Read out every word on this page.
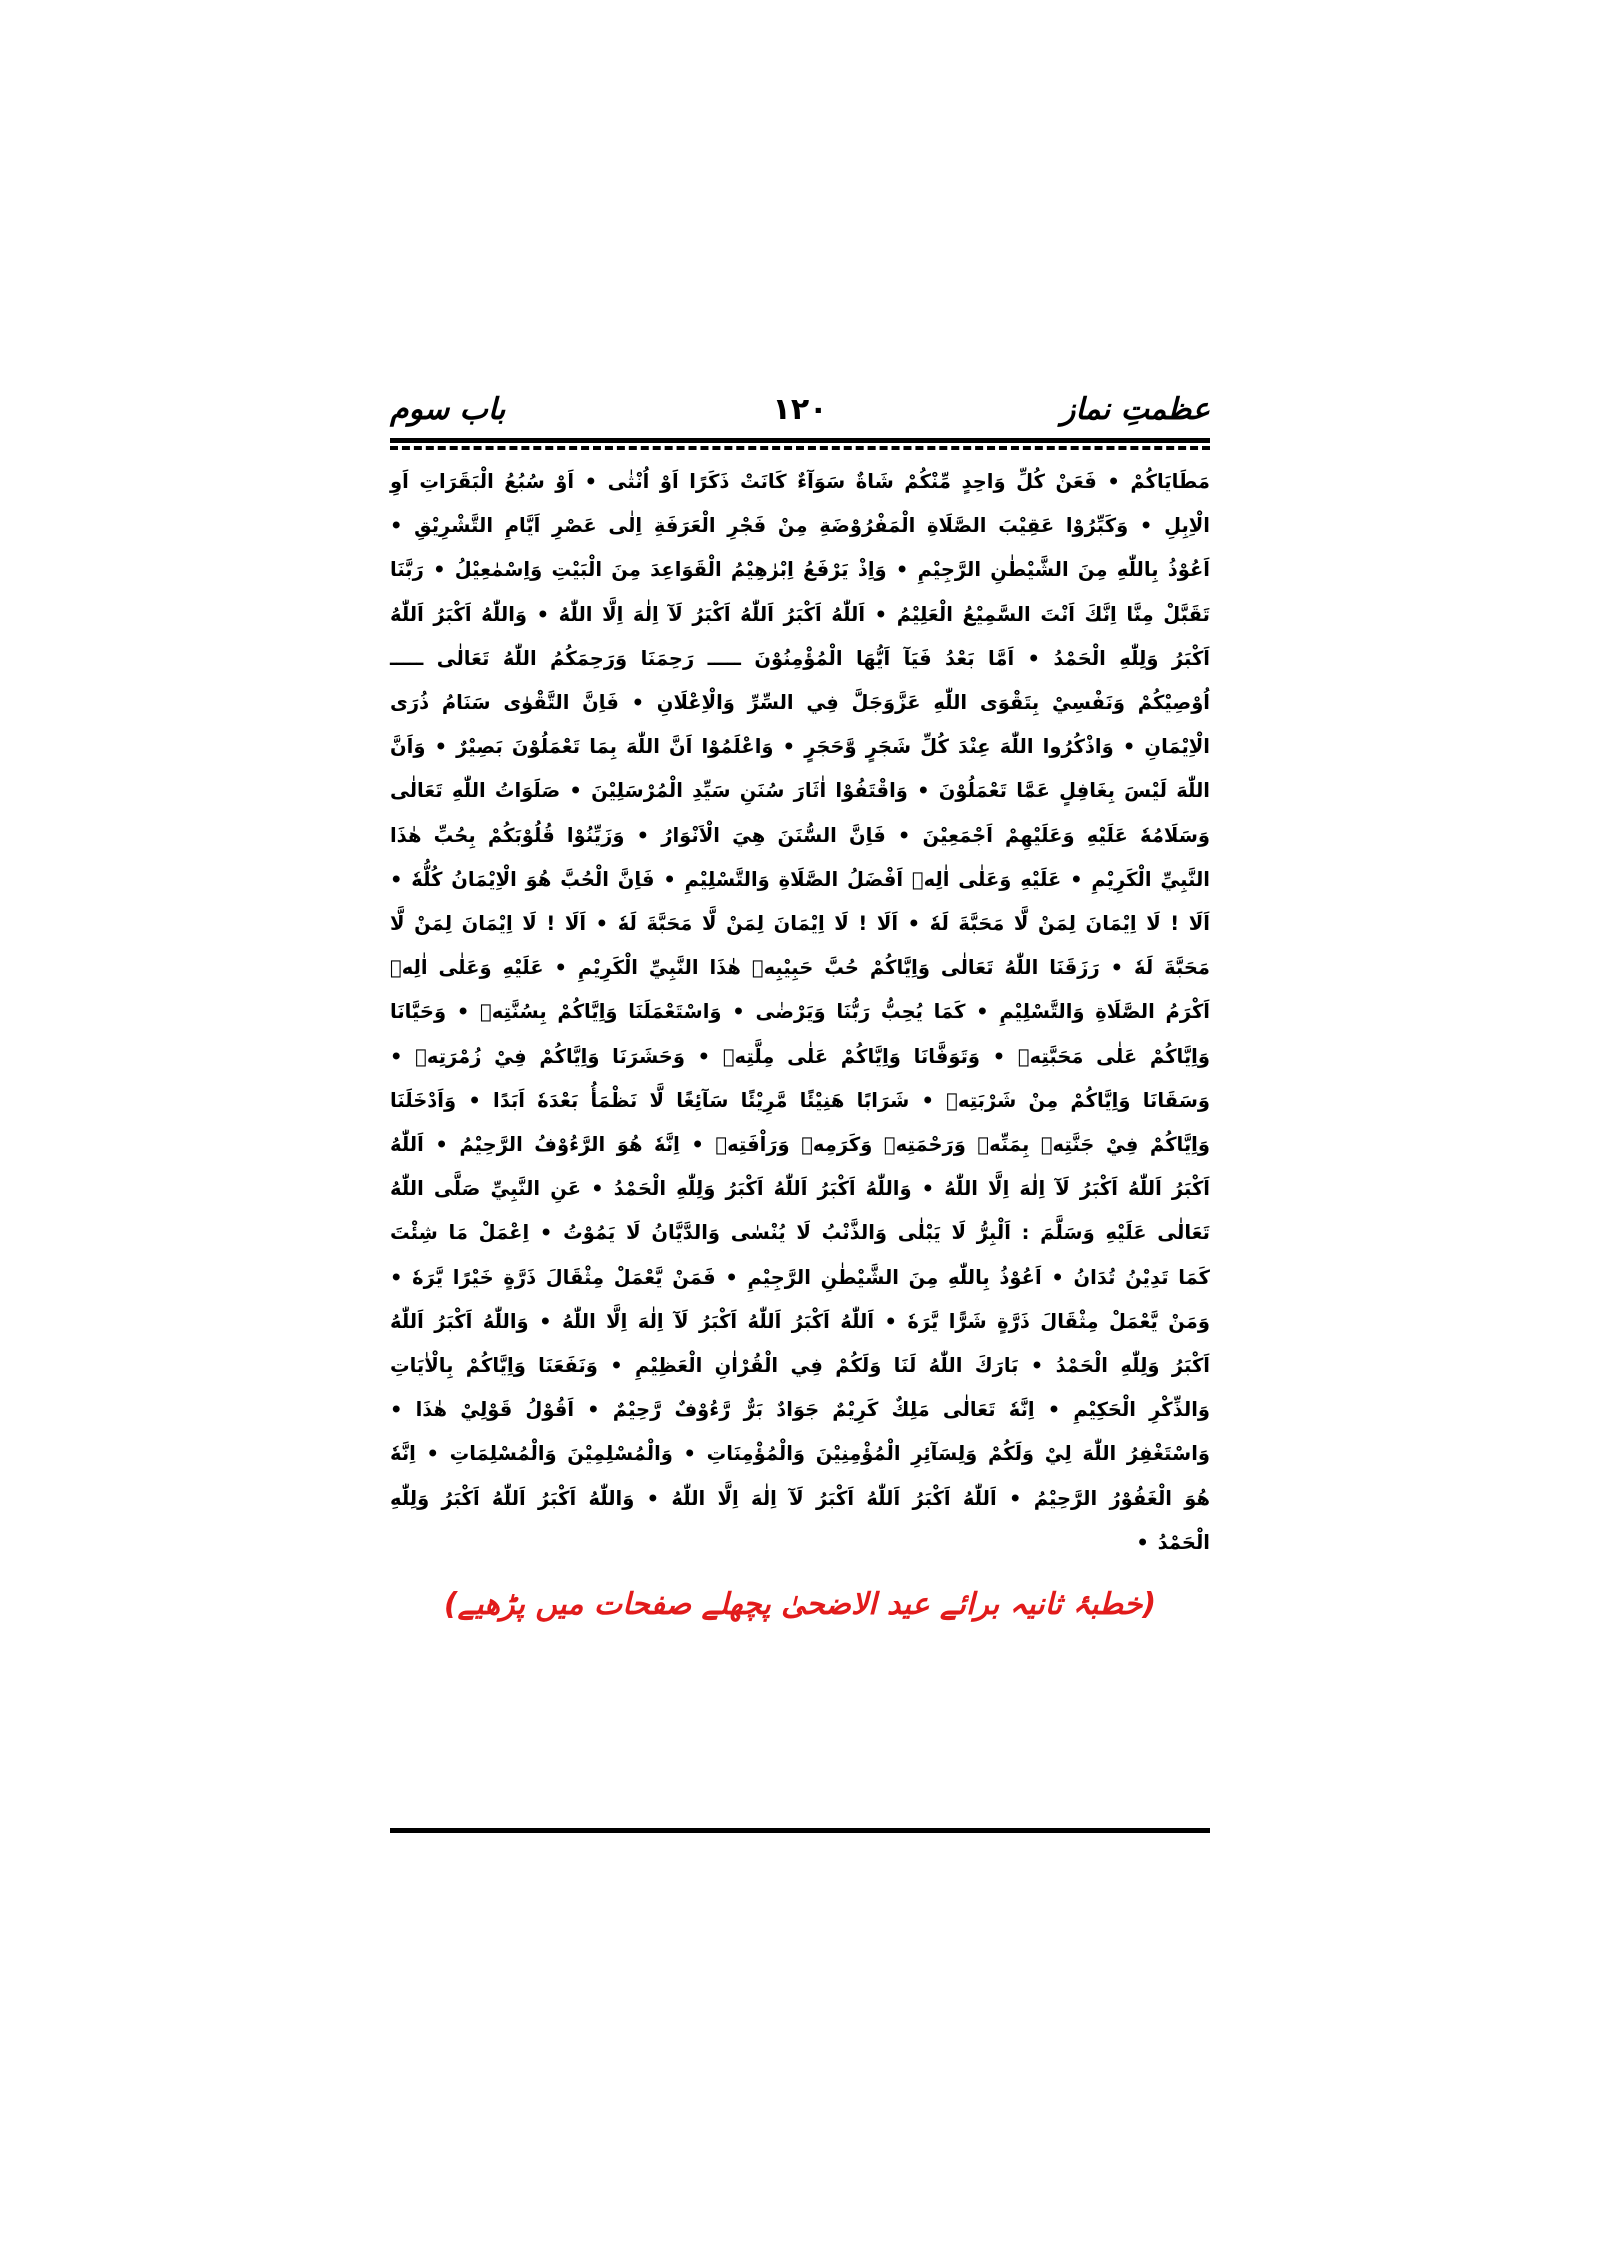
عظمتِ نماز
۱۲۰
باب سوم

مَطَايَاكُمْ • فَعَنْ كُلِّ وَاحِدٍ مِّنْكُمْ شَاةٌ سَوَآءٌ كَانَتْ ذَكَرًا اَوْ اُنْثٰى • اَوْ سُبُعُ الْبَقَرَاتِ اَوِ الْاِبِلِ • وَكَبِّرُوْا عَقِيْبَ الصَّلَاةِ الْمَفْرُوْضَةِ مِنْ فَجْرِ الْعَرَفَةِ اِلٰى عَصْرِ اَيَّامِ التَّشْرِيْقِ • اَعُوْذُ بِاللّٰهِ مِنَ الشَّيْطٰنِ الرَّجِيْمِ • وَاِذْ يَرْفَعُ اِبْرٰهِيْمُ الْقَوَاعِدَ مِنَ الْبَيْتِ وَاِسْمٰعِيْلُ • رَبَّنَا تَقَبَّلْ مِنَّا اِنَّكَ اَنْتَ السَّمِيْعُ الْعَلِيْمُ • اَللّٰهُ اَكْبَرُ اَللّٰهُ اَكْبَرُ لَآ اِلٰهَ اِلَّا اللّٰهُ • وَاللّٰهُ اَكْبَرُ اَللّٰهُ اَكْبَرُ وَلِلّٰهِ الْحَمْدُ • اَمَّا بَعْدُ فَيَآ اَيُّهَا الْمُؤْمِنُوْنَ ـــــ رَحِمَنَا وَرَحِمَكُمُ اللّٰهُ تَعَالٰى ـــــ اُوْصِيْكُمْ وَنَفْسِيْ بِتَقْوَى اللّٰهِ عَزَّوَجَلَّ فِي السِّرِّ وَالْاِعْلَانِ • فَاِنَّ التَّقْوٰى سَنَامُ ذُرَى الْاِيْمَانِ • وَاذْكُرُوا اللّٰهَ عِنْدَ كُلِّ شَجَرٍ وَّحَجَرٍ • وَاعْلَمُوْا اَنَّ اللّٰهَ بِمَا تَعْمَلُوْنَ بَصِيْرٌ • وَاَنَّ اللّٰهَ لَيْسَ بِغَافِلٍ عَمَّا تَعْمَلُوْنَ • وَاقْتَفُوْا اٰثَارَ سُنَنِ سَيِّدِ الْمُرْسَلِيْنَ • صَلَوَاتُ اللّٰهِ تَعَالٰى وَسَلَامُهٗ عَلَيْهِ وَعَلَيْهِمْ اَجْمَعِيْنَ • فَاِنَّ السُّنَنَ هِيَ الْاَنْوَارُ • وَزَيِّنُوْا قُلُوْبَكُمْ بِحُبِّ هٰذَا النَّبِيِّ الْكَرِيْمِ • عَلَيْهِ وَعَلٰى اٰلِهٖ اَفْضَلُ الصَّلَاةِ وَالتَّسْلِيْمِ • فَاِنَّ الْحُبَّ هُوَ الْاِيْمَانُ كُلُّهٗ • اَلَا ! لَا اِيْمَانَ لِمَنْ لَّا مَحَبَّةَ لَهٗ • اَلَا ! لَا اِيْمَانَ لِمَنْ لَّا مَحَبَّةَ لَهٗ • اَلَا ! لَا اِيْمَانَ لِمَنْ لَّا مَحَبَّةَ لَهٗ • رَزَقَنَا اللّٰهُ تَعَالٰى وَاِيَّاكُمْ حُبَّ حَبِيْبِهٖ هٰذَا النَّبِيِّ الْكَرِيْمِ • عَلَيْهِ وَعَلٰى اٰلِهٖ اَكْرَمُ الصَّلَاةِ وَالتَّسْلِيْمِ • كَمَا يُحِبُّ رَبُّنَا وَيَرْضٰى • وَاسْتَعْمَلَنَا وَاِيَّاكُمْ بِسُنَّتِهٖ • وَحَيَّانَا وَاِيَّاكُمْ عَلٰى مَحَبَّتِهٖ • وَتَوَفَّانَا وَاِيَّاكُمْ عَلٰى مِلَّتِهٖ • وَحَشَرَنَا وَاِيَّاكُمْ فِيْ زُمْرَتِهٖ • وَسَقَانَا وَاِيَّاكُمْ مِنْ شَرْبَتِهٖ • شَرَابًا هَنِيْئًا مَّرِيْئًا سَآئِغًا لَّا نَظْمَأُ بَعْدَهٗ اَبَدًا • وَاَدْخَلَنَا وَاِيَّاكُمْ فِيْ جَنَّتِهٖ بِمَنِّهٖ وَرَحْمَتِهٖ وَكَرَمِهٖ وَرَاْفَتِهٖ • اِنَّهٗ هُوَ الرَّءُوْفُ الرَّحِيْمُ • اَللّٰهُ اَكْبَرُ اَللّٰهُ اَكْبَرُ لَآ اِلٰهَ اِلَّا اللّٰهُ • وَاللّٰهُ اَكْبَرُ اَللّٰهُ اَكْبَرُ وَلِلّٰهِ الْحَمْدُ • عَنِ النَّبِيِّ صَلَّى اللّٰهُ تَعَالٰى عَلَيْهِ وَسَلَّمَ : اَلْبِرُّ لَا يَبْلٰى وَالذَّنْبُ لَا يُنْسٰى وَالدَّيَّانُ لَا يَمُوْتُ • اِعْمَلْ مَا شِئْتَ كَمَا تَدِيْنُ تُدَانُ • اَعُوْذُ بِاللّٰهِ مِنَ الشَّيْطٰنِ الرَّجِيْمِ • فَمَنْ يَّعْمَلْ مِثْقَالَ ذَرَّةٍ خَيْرًا يَّرَهٗ • وَمَنْ يَّعْمَلْ مِثْقَالَ ذَرَّةٍ شَرًّا يَّرَهٗ • اَللّٰهُ اَكْبَرُ اَللّٰهُ اَكْبَرُ لَآ اِلٰهَ اِلَّا اللّٰهُ • وَاللّٰهُ اَكْبَرُ اَللّٰهُ اَكْبَرُ وَلِلّٰهِ الْحَمْدُ • بَارَكَ اللّٰهُ لَنَا وَلَكُمْ فِي الْقُرْاٰنِ الْعَظِيْمِ • وَنَفَعَنَا وَاِيَّاكُمْ بِالْاٰيَاتِ وَالذِّكْرِ الْحَكِيْمِ • اِنَّهٗ تَعَالٰى مَلِكٌ كَرِيْمٌ جَوَادٌ بَرٌّ رَّءُوْفٌ رَّحِيْمٌ • اَقُوْلُ قَوْلِيْ هٰذَا • وَاسْتَغْفِرُ اللّٰهَ لِيْ وَلَكُمْ وَلِسَآئِرِ الْمُؤْمِنِيْنَ وَالْمُؤْمِنَاتِ • وَالْمُسْلِمِيْنَ وَالْمُسْلِمَاتِ • اِنَّهٗ هُوَ الْغَفُوْرُ الرَّحِيْمُ • اَللّٰهُ اَكْبَرُ اَللّٰهُ اَكْبَرُ لَآ اِلٰهَ اِلَّا اللّٰهُ • وَاللّٰهُ اَكْبَرُ اَللّٰهُ اَكْبَرُ وَلِلّٰهِ الْحَمْدُ •

(خطبۂ ثانیہ برائے عید الاضحیٰ پچھلے صفحات میں پڑھیے)
